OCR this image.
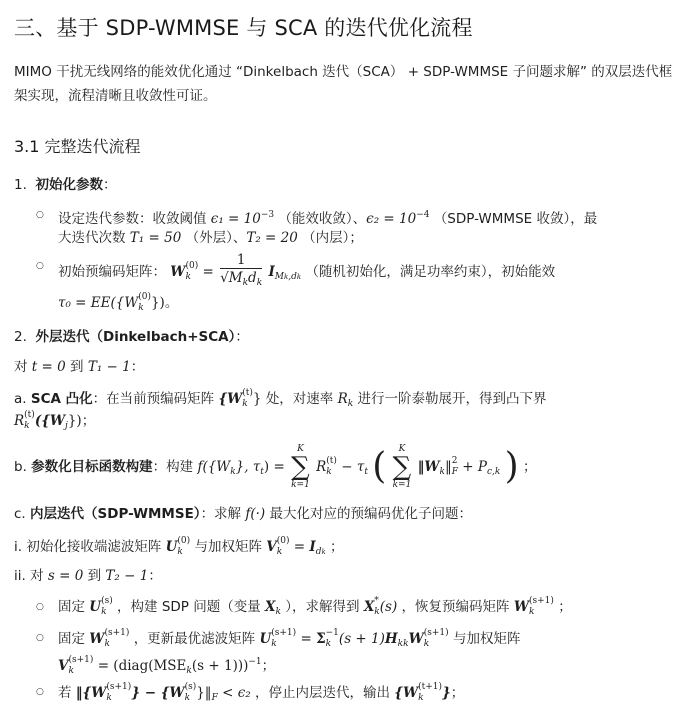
三、基于 SDP-WMMSE 与 SCA 的迭代优化流程
MIMO 干扰无线网络的能效优化通过 “Dinkelbach 迭代（SCA） + SDP-WMMSE 子问题求解” 的双层迭代框架实现，流程清晰且收敛性可证。
3.1 完整迭代流程
1. 初始化参数：
○ 设定迭代参数：收敛阈值 $\epsilon_1 = 10^{-3}$ （能效收敛）、$\epsilon_2 = 10^{-4}$ （SDP-WMMSE 收敛），最
大迭代次数 T₁ = 50 （外层）、T₂ = 20 （内层）；
○ 初始预编码矩阵： W (0)
$k = \frac{1}{√M_kd_k} I_{Mk,dk}$ （随机初始化，满足功率约束），初始能效
τ₀ = EE({W (0)
k })。
2. 外层迭代（Dinkelbach+SCA）：
对 t = 0 到 T₁ − 1：
a. SCA 凸化：在当前预编码矩阵 {W (t)
k } 处，对速率 $R_k$ 进行一阶泰勒展开，得到凸下界
R (t)
k $(\{W_j\})$；
b. 参数化目标函数构建：构建 $f(\{W_k\}$, $\tau_t$) =
K
∑
k=1
R (t)
$k - \tau_t$ (	K
∑
k=1
$‖W_k‖$ 2
$F + P_{c,k}$ ) ；
c. 内层迭代（SDP-WMMSE）：求解 f(·) 最大化对应的预编码优化子问题：
i. 初始化接收端滤波矩阵 U (0)
k 与加权矩阵 V (0)
$k = I_{dk}$ ；
ii. 对 s = 0 到 T₂ − 1：
○ 固定 U (s)
k ，构建 SDP 问题（变量 $X_k$ ），求解得到 X *
k (s) ，恢复预编码矩阵 W (s+1)
k	；
○ 固定 W (s+1)
k	，更新最优滤波矩阵 U (s+1)
k	= Σ −1
k $(s + 1)H_{kk}W$ (s+1)
k	与加权矩阵
V (s+1)
k	= $(diag(MSE_k(s + 1)))^{-1}$；
○ 若 ‖{W (s+1)
k	} − {W (s)
k }$‖_F < \epsilon_2$ ，停止内层迭代，输出 {W (t+1)
k	}；
